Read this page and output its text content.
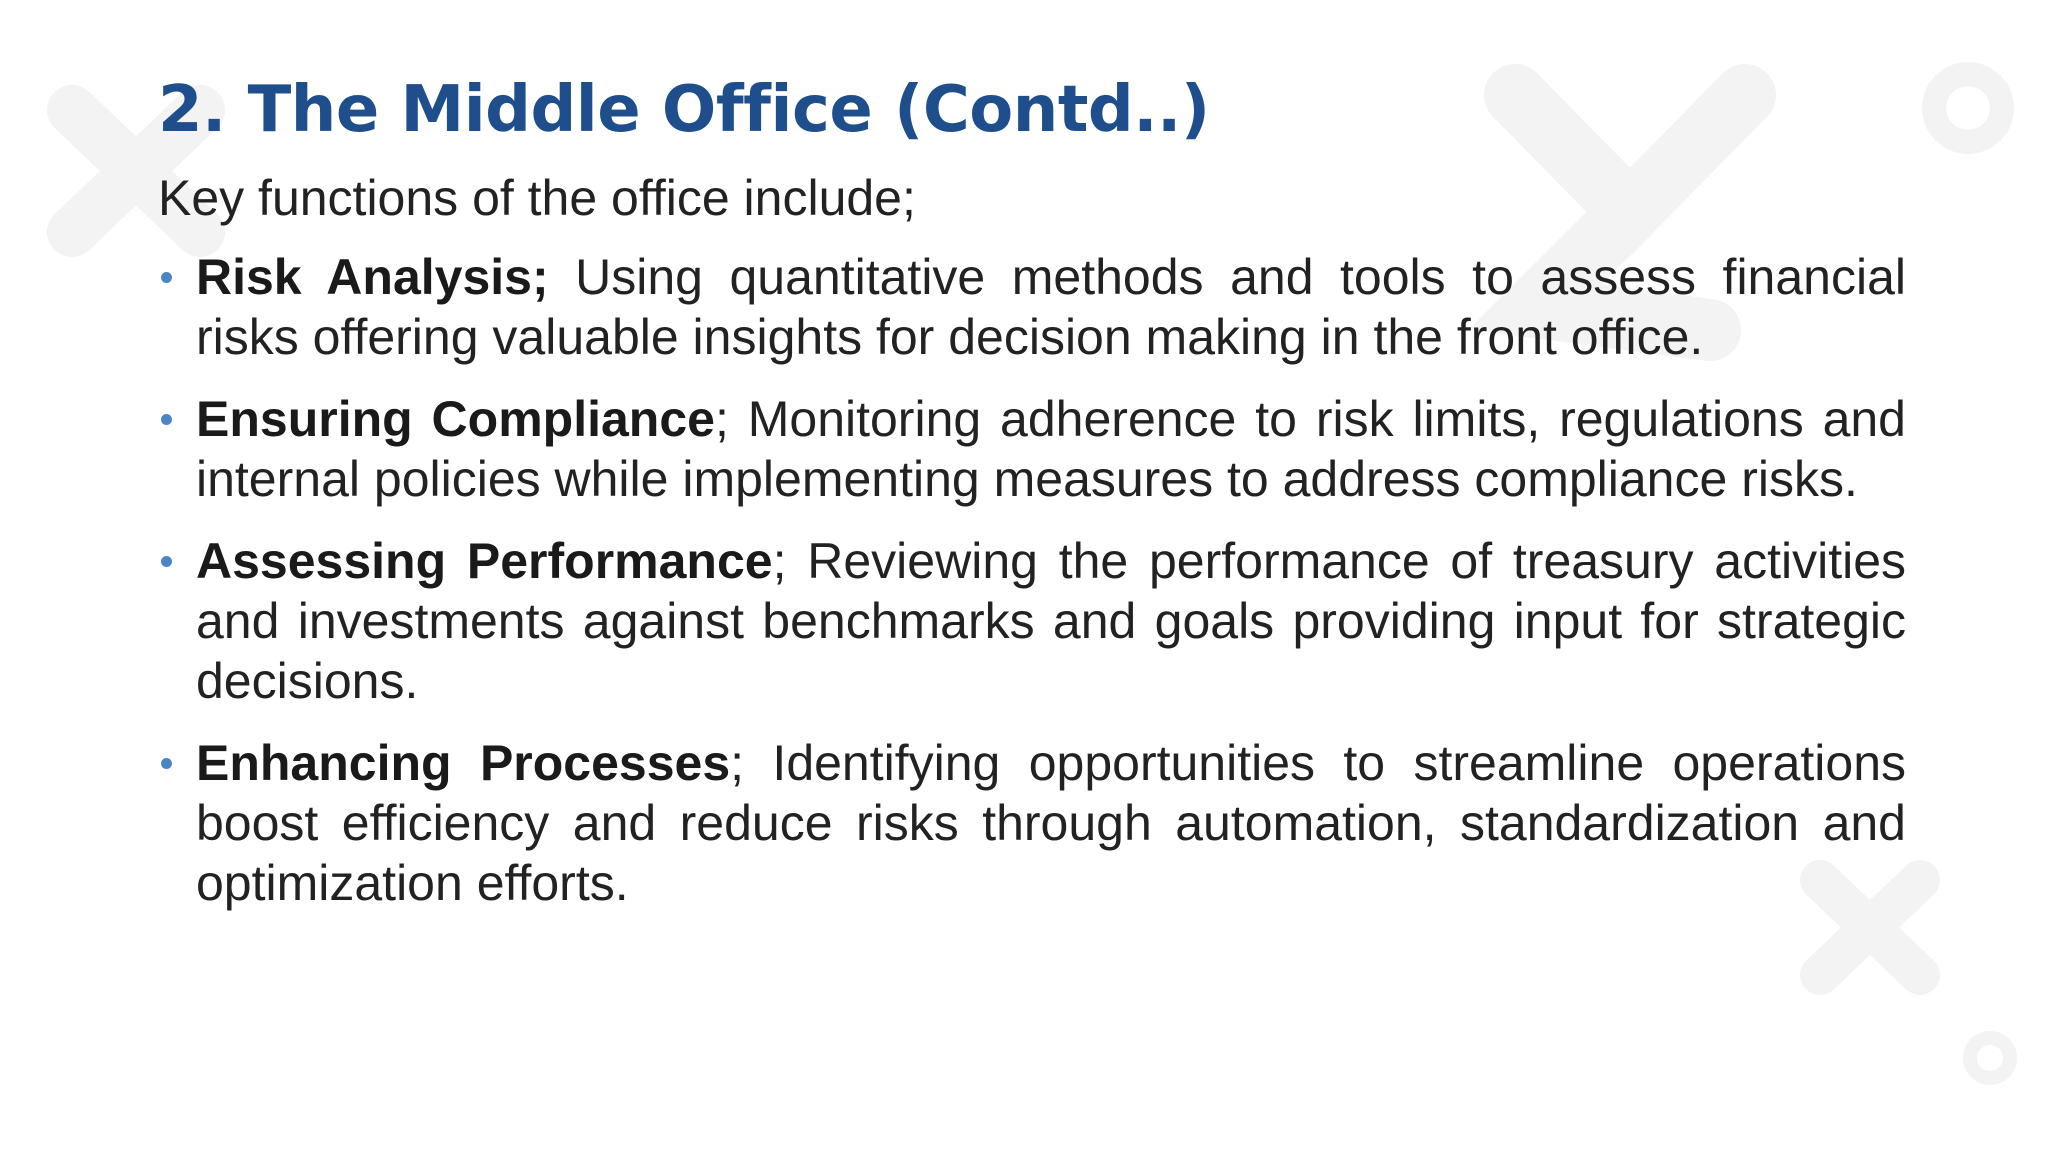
2. The Middle Office (Contd..)

Key functions of the office include;

Risk Analysis; Using quantitative methods and tools to assess financial risks offering valuable insights for decision making in the front office.
Ensuring Compliance; Monitoring adherence to risk limits, regulations and internal policies while implementing measures to address compliance risks.
Assessing Performance; Reviewing the performance of treasury activities and investments against benchmarks and goals providing input for strategic decisions.
Enhancing Processes; Identifying opportunities to streamline operations boost efficiency and reduce risks through automation, standardization and optimization efforts.
